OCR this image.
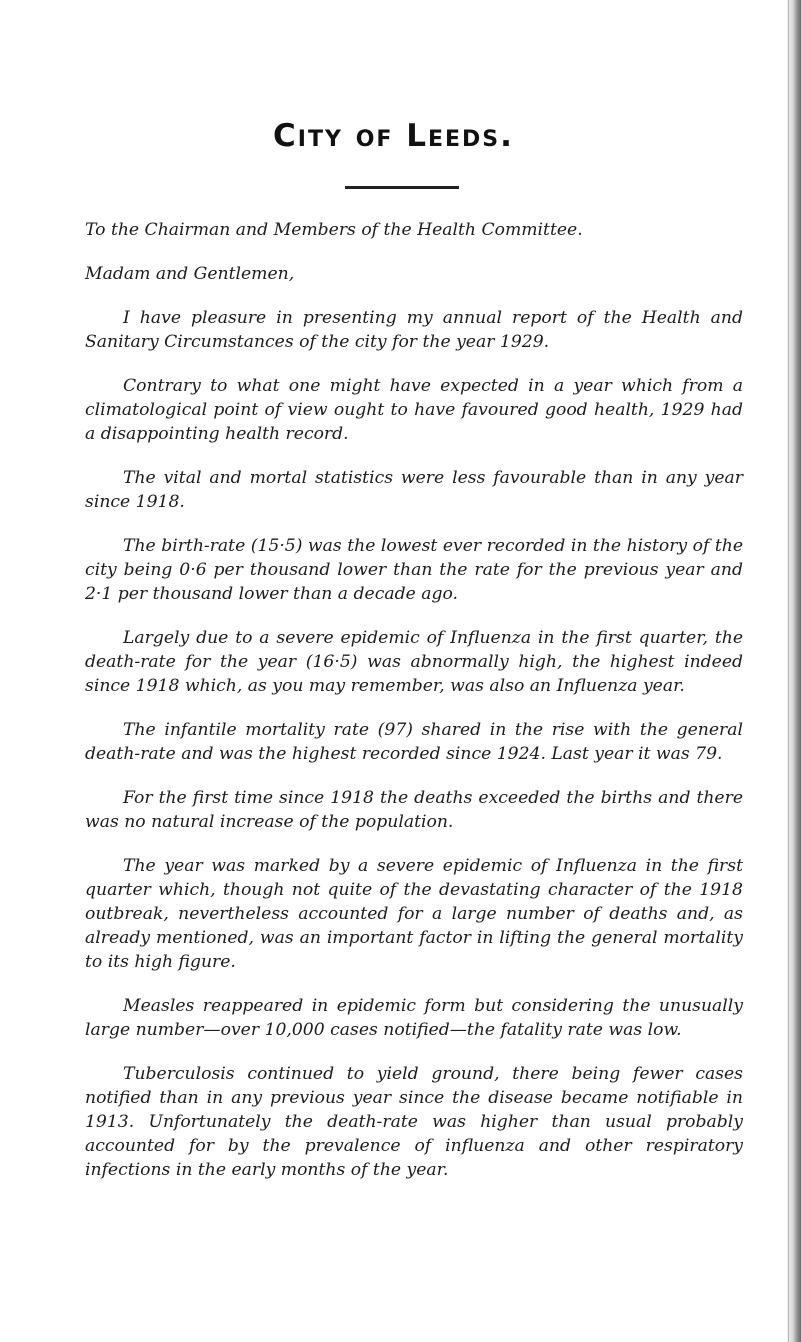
City of Leeds.

To the Chairman and Members of the Health Committee.

Madam and Gentlemen,

I have pleasure in presenting my annual report of the Health and Sanitary Circumstances of the city for the year 1929.

Contrary to what one might have expected in a year which from a climatological point of view ought to have favoured good health, 1929 had a disappointing health record.

The vital and mortal statistics were less favourable than in any year since 1918.

The birth-rate (15·5) was the lowest ever recorded in the history of the city being 0·6 per thousand lower than the rate for the previous year and 2·1 per thousand lower than a decade ago.

Largely due to a severe epidemic of Influenza in the first quarter, the death-rate for the year (16·5) was abnormally high, the highest indeed since 1918 which, as you may remember, was also an Influenza year.

The infantile mortality rate (97) shared in the rise with the general death-rate and was the highest recorded since 1924. Last year it was 79.

For the first time since 1918 the deaths exceeded the births and there was no natural increase of the population.

The year was marked by a severe epidemic of Influenza in the first quarter which, though not quite of the devastating character of the 1918 outbreak, nevertheless accounted for a large number of deaths and, as already mentioned, was an important factor in lifting the general mortality to its high figure.

Measles reappeared in epidemic form but considering the unusually large number—over 10,000 cases notified—the fatality rate was low.

Tuberculosis continued to yield ground, there being fewer cases notified than in any previous year since the disease became notifiable in 1913. Unfortunately the death-rate was higher than usual probably accounted for by the prevalence of influenza and other respiratory infections in the early months of the year.
